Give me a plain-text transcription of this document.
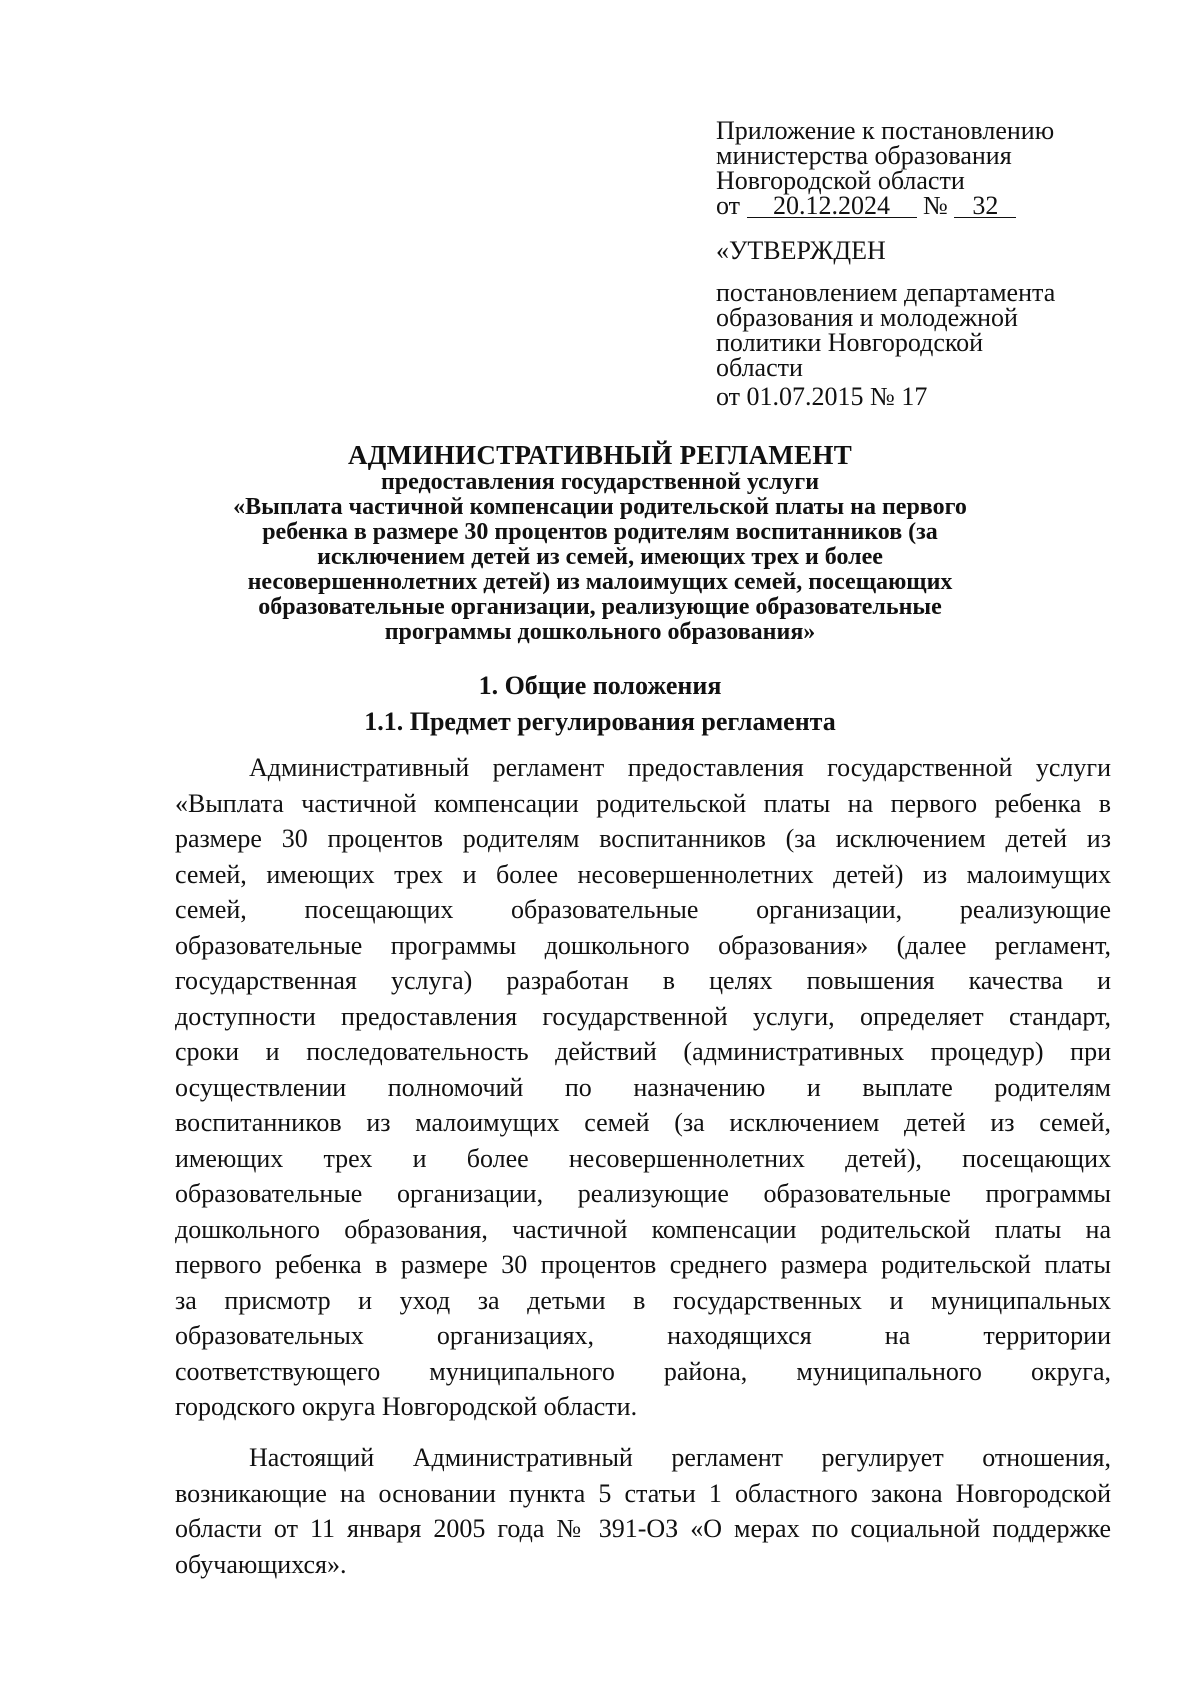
Приложение к постановлению
министерства образования
Новгородской области
от 20.12.2024 № 32
«УТВЕРЖДЕН
постановлением департамента
образования и молодежной
политики Новгородской
области
от 01.07.2015 № 17
АДМИНИСТРАТИВНЫЙ РЕГЛАМЕНТ
предоставления государственной услуги
«Выплата частичной компенсации родительской платы на первого
ребенка в размере 30 процентов родителям воспитанников (за
исключением детей из семей, имеющих трех и более
несовершеннолетних детей) из малоимущих семей, посещающих
образовательные организации, реализующие образовательные
программы дошкольного образования»
1. Общие положения
1.1. Предмет регулирования регламента
Административный регламент предоставления государственной услуги
«Выплата частичной компенсации родительской платы на первого ребенка в
размере 30 процентов родителям воспитанников (за исключением детей из
семей, имеющих трех и более несовершеннолетних детей) из малоимущих
семей, посещающих образовательные организации, реализующие
образовательные программы дошкольного образования» (далее регламент,
государственная услуга) разработан в целях повышения качества и
доступности предоставления государственной услуги, определяет стандарт,
сроки и последовательность действий (административных процедур) при
осуществлении полномочий по назначению и выплате родителям
воспитанников из малоимущих семей (за исключением детей из семей,
имеющих трех и более несовершеннолетних детей), посещающих
образовательные организации, реализующие образовательные программы
дошкольного образования, частичной компенсации родительской платы на
первого ребенка в размере 30 процентов среднего размера родительской платы
за присмотр и уход за детьми в государственных и муниципальных
образовательных организациях, находящихся на территории
соответствующего муниципального района, муниципального округа,
городского округа Новгородской области.
Настоящий Административный регламент регулирует отношения,
возникающие на основании пункта 5 статьи 1 областного закона Новгородской
области от 11 января 2005 года № 391-ОЗ «О мерах по социальной поддержке
обучающихся».
